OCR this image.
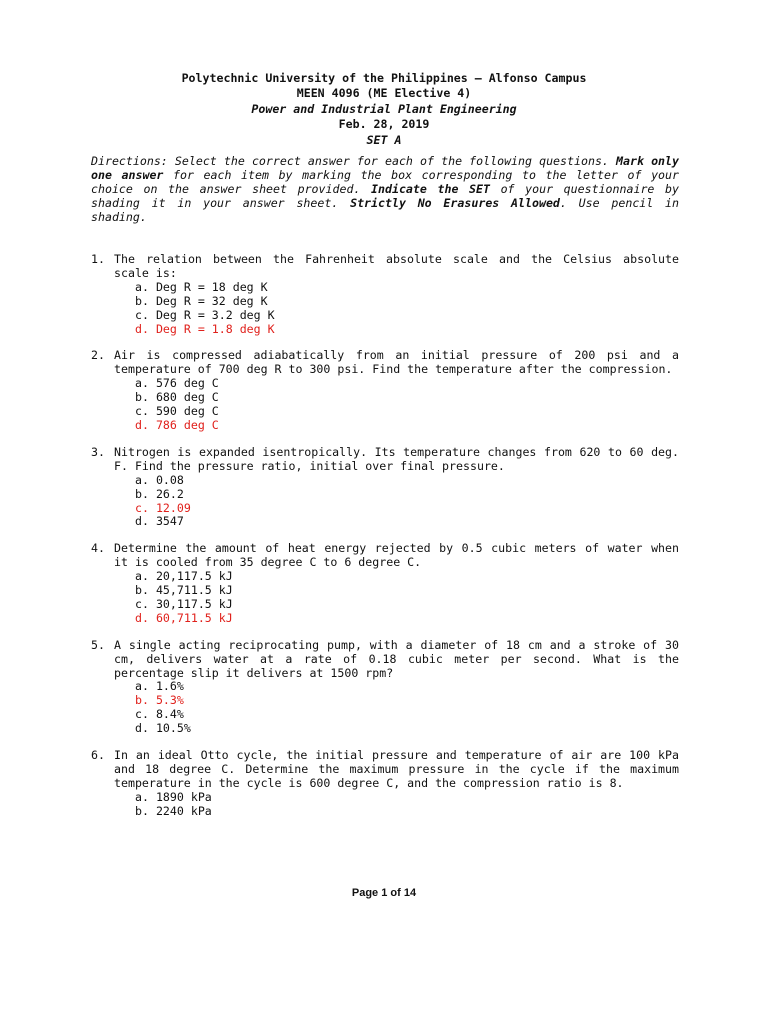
Polytechnic University of the Philippines – Alfonso Campus
MEEN 4096 (ME Elective 4)
Power and Industrial Plant Engineering
Feb. 28, 2019
SET A
Directions: Select the correct answer for each of the following questions. Mark only one answer for each item by marking the box corresponding to the letter of your choice on the answer sheet provided. Indicate the SET of your questionnaire by shading it in your answer sheet. Strictly No Erasures Allowed. Use pencil in shading.
1. The relation between the Fahrenheit absolute scale and the Celsius absolute scale is:
a. Deg R = 18 deg K
b. Deg R = 32 deg K
c. Deg R = 3.2 deg K
d. Deg R = 1.8 deg K
2. Air is compressed adiabatically from an initial pressure of 200 psi and a temperature of 700 deg R to 300 psi. Find the temperature after the compression.
a. 576 deg C
b. 680 deg C
c. 590 deg C
d. 786 deg C
3. Nitrogen is expanded isentropically. Its temperature changes from 620 to 60 deg. F. Find the pressure ratio, initial over final pressure.
a. 0.08
b. 26.2
c. 12.09
d. 3547
4. Determine the amount of heat energy rejected by 0.5 cubic meters of water when it is cooled from 35 degree C to 6 degree C.
a. 20,117.5 kJ
b. 45,711.5 kJ
c. 30,117.5 kJ
d. 60,711.5 kJ
5. A single acting reciprocating pump, with a diameter of 18 cm and a stroke of 30 cm, delivers water at a rate of 0.18 cubic meter per second. What is the percentage slip it delivers at 1500 rpm?
a. 1.6%
b. 5.3%
c. 8.4%
d. 10.5%
6. In an ideal Otto cycle, the initial pressure and temperature of air are 100 kPa and 18 degree C. Determine the maximum pressure in the cycle if the maximum temperature in the cycle is 600 degree C, and the compression ratio is 8.
a. 1890 kPa
b. 2240 kPa
Page 1 of 14
